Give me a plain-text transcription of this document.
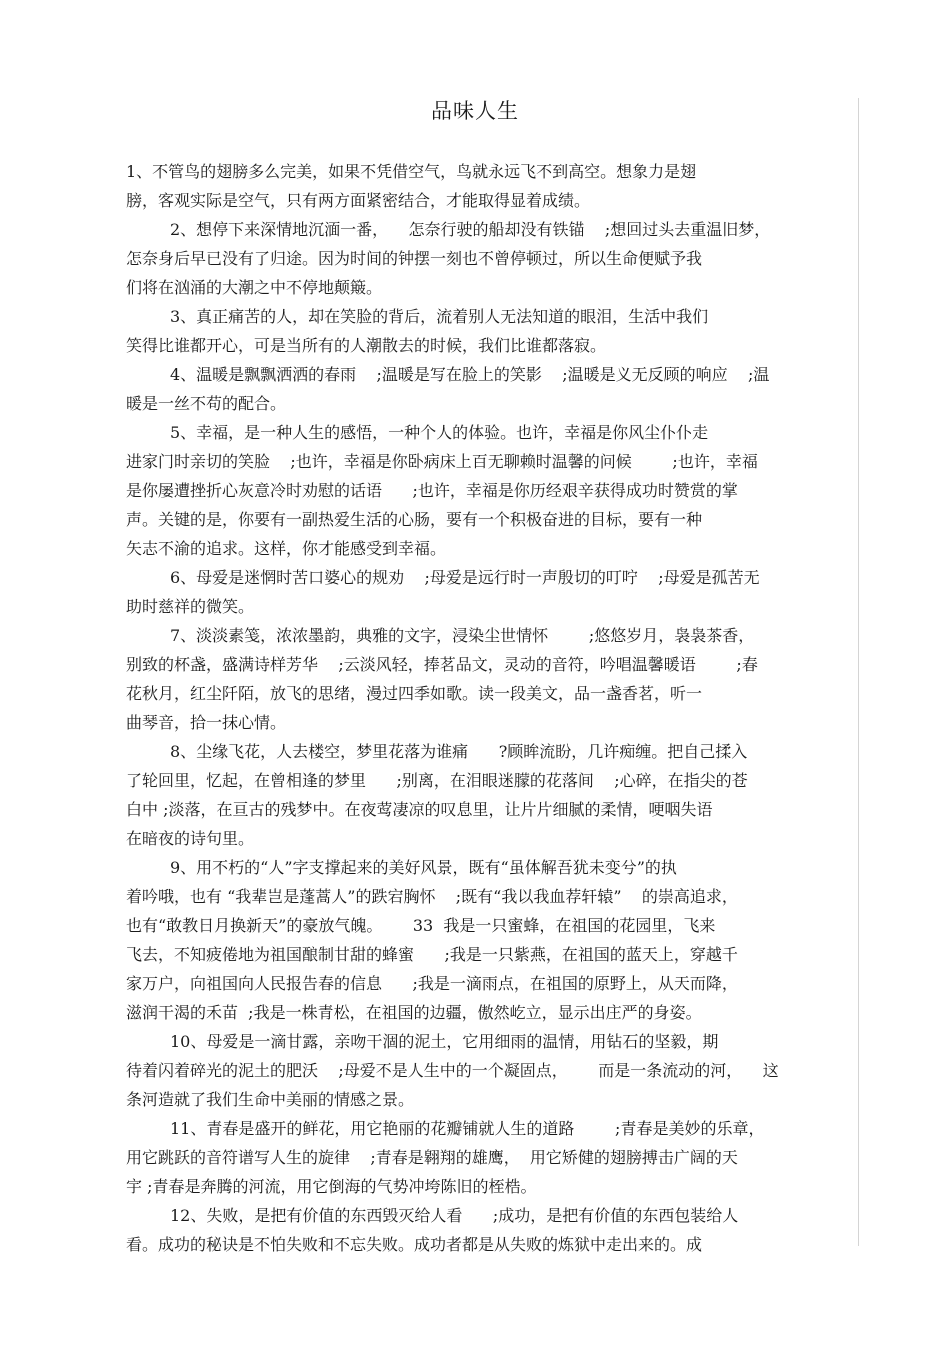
品味人生
1、不管鸟的翅膀多么完美，如果不凭借空气，鸟就永远飞不到高空。想象力是翅
膀，客观实际是空气，只有两方面紧密结合，才能取得显着成绩。
2、想停下来深情地沉湎一番，    怎奈行驶的船却没有铁锚    ;想回过头去重温旧梦，
怎奈身后早已没有了归途。因为时间的钟摆一刻也不曾停顿过，所以生命便赋予我
们将在汹涌的大潮之中不停地颠簸。
3、真正痛苦的人，却在笑脸的背后，流着别人无法知道的眼泪，生活中我们
笑得比谁都开心，可是当所有的人潮散去的时候，我们比谁都落寂。
4、温暖是飘飘洒洒的春雨    ;温暖是写在脸上的笑影    ;温暖是义无反顾的响应    ;温
暖是一丝不苟的配合。
5、幸福，是一种人生的感悟，一种个人的体验。也许，幸福是你风尘仆仆走
进家门时亲切的笑脸    ;也许，幸福是你卧病床上百无聊赖时温馨的问候        ;也许，幸福
是你屡遭挫折心灰意冷时劝慰的话语      ;也许，幸福是你历经艰辛获得成功时赞赏的掌
声。关键的是，你要有一副热爱生活的心肠，要有一个积极奋进的目标，要有一种
矢志不渝的追求。这样，你才能感受到幸福。
6、母爱是迷惘时苦口婆心的规劝    ;母爱是远行时一声殷切的叮咛    ;母爱是孤苦无
助时慈祥的微笑。
7、淡淡素笺，浓浓墨韵，典雅的文字，浸染尘世情怀        ;悠悠岁月，袅袅茶香，
别致的杯盏，盛满诗样芳华    ;云淡风轻，捧茗品文，灵动的音符，吟唱温馨暖语        ;春
花秋月，红尘阡陌，放飞的思绪，漫过四季如歌。读一段美文，品一盏香茗，听一
曲琴音，拾一抹心情。
8、尘缘飞花，人去楼空，梦里花落为谁痛      ?顾眸流盼，几许痴缠。把自己揉入
了轮回里，忆起，在曾相逢的梦里      ;别离，在泪眼迷朦的花落间    ;心碎，在指尖的苍
白中 ;淡落，在亘古的残梦中。在夜莺凄凉的叹息里，让片片细腻的柔情，哽咽失语
在暗夜的诗句里。
9、用不朽的“人”字支撑起来的美好风景，既有“虽体解吾犹未变兮”的执
着吟哦，也有 “我辈岂是蓬蒿人”的跌宕胸怀    ;既有“我以我血荐轩辕”    的崇高追求，
也有“敢教日月换新天”的豪放气魄。      33  我是一只蜜蜂，在祖国的花园里，飞来
飞去，不知疲倦地为祖国酿制甘甜的蜂蜜      ;我是一只紫燕，在祖国的蓝天上，穿越千
家万户，向祖国向人民报告春的信息      ;我是一滴雨点，在祖国的原野上，从天而降，
滋润干渴的禾苗  ;我是一株青松，在祖国的边疆，傲然屹立，显示出庄严的身姿。
10、母爱是一滴甘露，亲吻干涸的泥土，它用细雨的温情，用钻石的坚毅，期
待着闪着碎光的泥土的肥沃    ;母爱不是人生中的一个凝固点，      而是一条流动的河，    这
条河造就了我们生命中美丽的情感之景。
11、青春是盛开的鲜花，用它艳丽的花瓣铺就人生的道路        ;青春是美妙的乐章，
用它跳跃的音符谱写人生的旋律    ;青春是翱翔的雄鹰，  用它矫健的翅膀搏击广阔的天
宇 ;青春是奔腾的河流，用它倒海的气势冲垮陈旧的桎梏。
12、失败，是把有价值的东西毁灭给人看      ;成功，是把有价值的东西包装给人
看。成功的秘诀是不怕失败和不忘失败。成功者都是从失败的炼狱中走出来的。成
